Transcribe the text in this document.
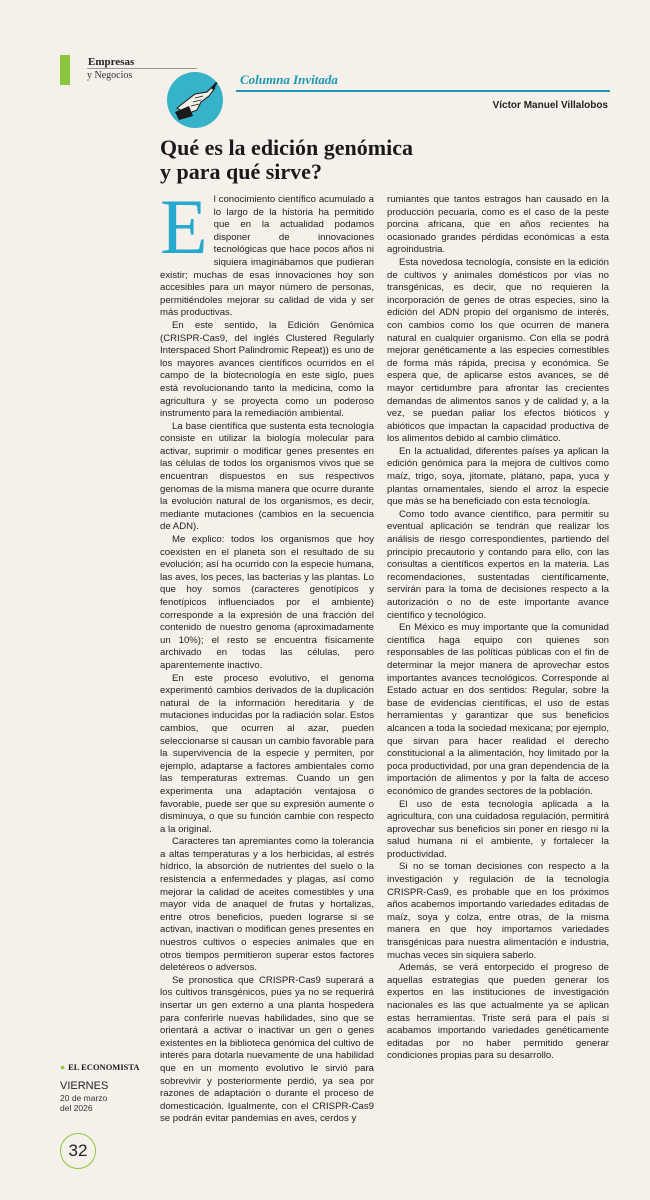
Empresas
y Negocios	Columna Invitada
Víctor Manuel Villalobos
Qué es la edición genómica
y para qué sirve?

El conocimiento científico acumulado a lo largo de la historia ha permitido que en la actualidad podamos disponer de innovaciones tecnológicas que hace pocos años ni siquiera imaginábamos que pudieran existir; muchas de esas innovaciones hoy son accesibles para un mayor número de personas, permitiéndoles mejorar su calidad de vida y ser más productivas.

En este sentido, la Edición Genómica (CRISPR-Cas9, del inglés Clustered Regularly Interspaced Short Palindromic Repeat)) es uno de los mayores avances científicos ocurridos en el campo de la biotecnología en este siglo, pues está revolucionando tanto la medicina, como la agricultura y se proyecta como un poderoso instrumento para la remediación ambiental.

La base científica que sustenta esta tecnología consiste en utilizar la biología molecular para activar, suprimir o modificar genes presentes en las células de todos los organismos vivos que se encuentran dispuestos en sus respectivos genomas de la misma manera que ocurre durante la evolución natural de los organismos, es decir, mediante mutaciones (cambios en la secuencia de ADN).

Me explico: todos los organismos que hoy coexisten en el planeta son el resultado de su evolución; así ha ocurrido con la especie humana, las aves, los peces, las bacterias y las plantas. Lo que hoy somos (caracteres genotípicos y fenotípicos influenciados por el ambiente) corresponde a la expresión de una fracción del contenido de nuestro genoma (aproximadamente un 10%); el resto se encuentra físicamente archivado en todas las células, pero aparentemente inactivo.

En este proceso evolutivo, el genoma experimentó cambios derivados de la duplicación natural de la información hereditaria y de mutaciones inducidas por la radiación solar. Estos cambios, que ocurren al azar, pueden seleccionarse si causan un cambio favorable para la supervivencia de la especie y permiten, por ejemplo, adaptarse a factores ambientales como las temperaturas extremas. Cuando un gen experimenta una adaptación ventajosa o favorable, puede ser que su expresión aumente o disminuya, o que su función cambie con respecto a la original.

Caracteres tan apremiantes como la tolerancia a altas temperaturas y a los herbicidas, al estrés hídrico, la absorción de nutrientes del suelo o la resistencia a enfermedades y plagas, así como mejorar la calidad de aceites comestibles y una mayor vida de anaquel de frutas y hortalizas, entre otros beneficios, pueden lograrse si se activan, inactivan o modifican genes presentes en nuestros cultivos o especies animales que en otros tiempos permitieron superar estos factores deletéreos o adversos.

Se pronostica que CRISPR-Cas9 superará a los cultivos transgénicos, pues ya no se requerirá insertar un gen externo a una planta hospedera para conferirle nuevas habilidades, sino que se orientará a activar o inactivar un gen o genes existentes en la biblioteca genómica del cultivo de interés para dotarla nuevamente de una habilidad que en un momento evolutivo le sirvió para sobrevivir y posteriormente perdió, ya sea por razones de adaptación o durante el proceso de domesticación. Igualmente, con el CRISPR-Cas9 se podrán evitar pandemias en aves, cerdos y

rumiantes que tantos estragos han causado en la producción pecuaria, como es el caso de la peste porcina africana, que en años recientes ha ocasionado grandes pérdidas económicas a esta agroindustria.

Esta novedosa tecnología, consiste en la edición de cultivos y animales domésticos por vías no transgénicas, es decir, que no requieren la incorporación de genes de otras especies, sino la edición del ADN propio del organismo de interés, con cambios como los que ocurren de manera natural en cualquier organismo. Con ella se podrá mejorar genéticamente a las especies comestibles de forma más rápida, precisa y económica. Se espera que, de aplicarse estos avances, se dé mayor certidumbre para afrontar las crecientes demandas de alimentos sanos y de calidad y, a la vez, se puedan paliar los efectos bióticos y abióticos que impactan la capacidad productiva de los alimentos debido al cambio climático.

En la actualidad, diferentes países ya aplican la edición genómica para la mejora de cultivos como maíz, trigo, soya, jitomate, plátano, papa, yuca y plantas ornamentales, siendo el arroz la especie que más se ha beneficiado con esta tecnología.

Como todo avance científico, para permitir su eventual aplicación se tendrán que realizar los análisis de riesgo correspondientes, partiendo del principio precautorio y contando para ello, con las consultas a científicos expertos en la materia. Las recomendaciones, sustentadas científicamente, servirán para la toma de decisiones respecto a la autorización o no de este importante avance científico y tecnológico.

En México es muy importante que la comunidad científica haga equipo con quienes son responsables de las políticas públicas con el fin de determinar la mejor manera de aprovechar estos importantes avances tecnológicos. Corresponde al Estado actuar en dos sentidos: Regular, sobre la base de evidencias científicas, el uso de estas herramientas y garantizar que sus beneficios alcancen a toda la sociedad mexicana; por ejemplo, que sirvan para hacer realidad el derecho constitucional a la alimentación, hoy limitado por la poca productividad, por una gran dependencia de la importación de alimentos y por la falta de acceso económico de grandes sectores de la población.

El uso de esta tecnología aplicada a la agricultura, con una cuidadosa regulación, permitirá aprovechar sus beneficios sin poner en riesgo ni la salud humana ni el ambiente, y fortalecer la productividad.

Si no se toman decisiones con respecto a la investigación y regulación de la tecnología CRISPR-Cas9, es probable que en los próximos años acabemos importando variedades editadas de maíz, soya y colza, entre otras, de la misma manera en que hoy importamos variedades transgénicas para nuestra alimentación e industria, muchas veces sin siquiera saberlo.

Además, se verá entorpecido el progreso de aquellas estrategias que pueden generar los expertos en las instituciones de investigación nacionales es las que actualmente ya se aplican estas herramientas. Triste será para el país si acabamos importando variedades genéticamente editadas por no haber permitido generar condiciones propias para su desarrollo.

● EL ECONOMISTA
VIERNES
20 de marzo
del 2026
32
